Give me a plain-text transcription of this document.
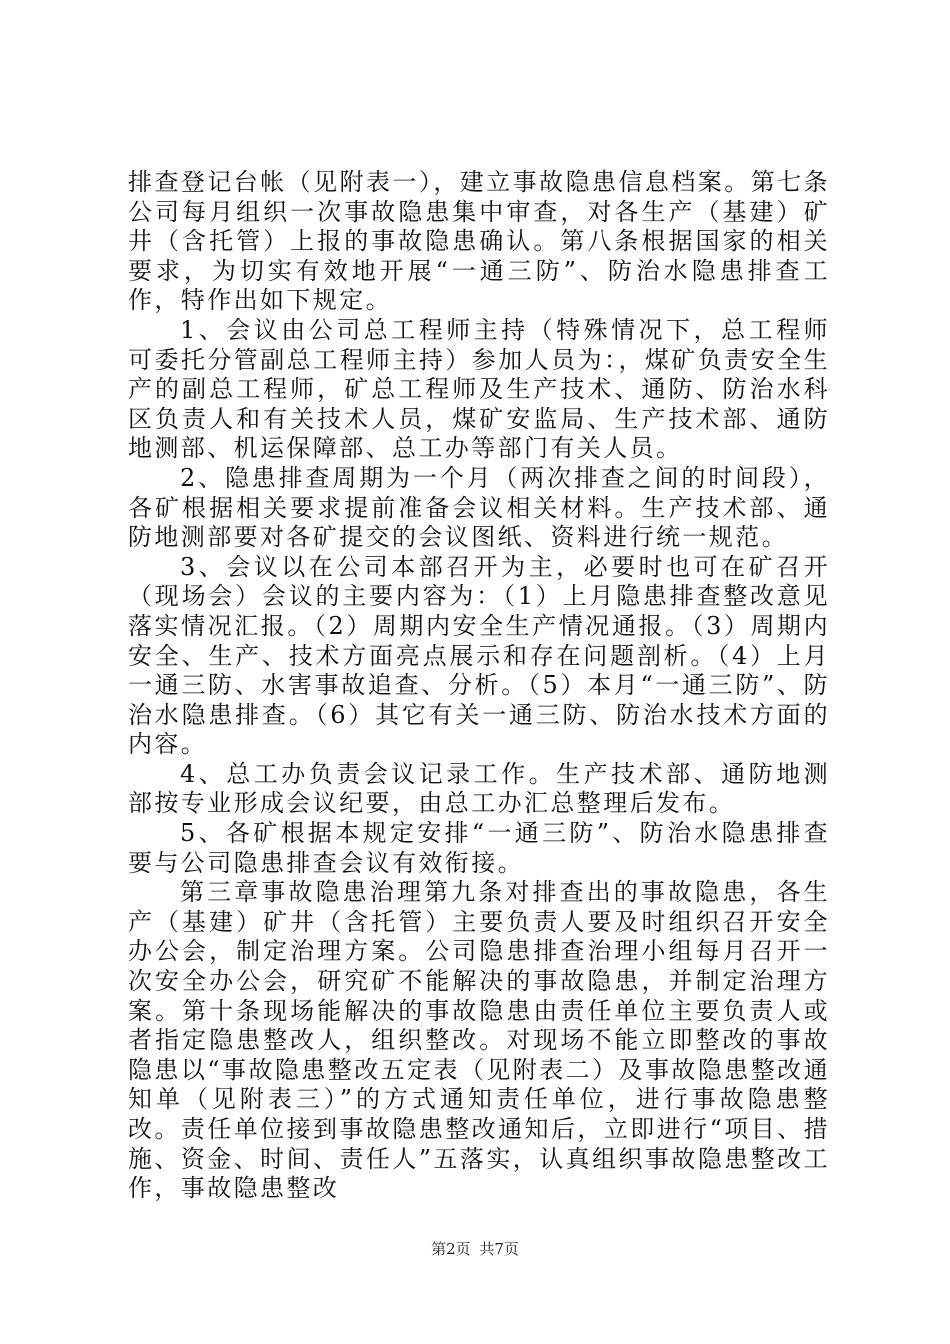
排查登记台帐（见附表一），建立事故隐患信息档案。第七条公司每月组织一次事故隐患集中审查，对各生产（基建）矿井（含托管）上报的事故隐患确认。第八条根据国家的相关要求，为切实有效地开展“一通三防”、防治水隐患排查工作，特作出如下规定。

1、会议由公司总工程师主持（特殊情况下，总工程师可委托分管副总工程师主持）参加人员为：，煤矿负责安全生产的副总工程师，矿总工程师及生产技术、通防、防治水科区负责人和有关技术人员，煤矿安监局、生产技术部、通防地测部、机运保障部、总工办等部门有关人员。

2、隐患排查周期为一个月（两次排查之间的时间段），各矿根据相关要求提前准备会议相关材料。生产技术部、通防地测部要对各矿提交的会议图纸、资料进行统一规范。

3、会议以在公司本部召开为主，必要时也可在矿召开（现场会）会议的主要内容为：（1）上月隐患排查整改意见落实情况汇报。（2）周期内安全生产情况通报。（3）周期内安全、生产、技术方面亮点展示和存在问题剖析。（4）上月一通三防、水害事故追查、分析。（5）本月“一通三防”、防治水隐患排查。（6）其它有关一通三防、防治水技术方面的内容。

4、总工办负责会议记录工作。生产技术部、通防地测部按专业形成会议纪要，由总工办汇总整理后发布。

5、各矿根据本规定安排“一通三防”、防治水隐患排查要与公司隐患排查会议有效衔接。

第三章事故隐患治理第九条对排查出的事故隐患，各生产（基建）矿井（含托管）主要负责人要及时组织召开安全办公会，制定治理方案。公司隐患排查治理小组每月召开一次安全办公会，研究矿不能解决的事故隐患，并制定治理方案。第十条现场能解决的事故隐患由责任单位主要负责人或者指定隐患整改人，组织整改。对现场不能立即整改的事故隐患以“事故隐患整改五定表（见附表二）及事故隐患整改通知单（见附表三）”的方式通知责任单位，进行事故隐患整改。责任单位接到事故隐患整改通知后，立即进行“项目、措施、资金、时间、责任人”五落实，认真组织事故隐患整改工作，事故隐患整改

第2页 共7页
